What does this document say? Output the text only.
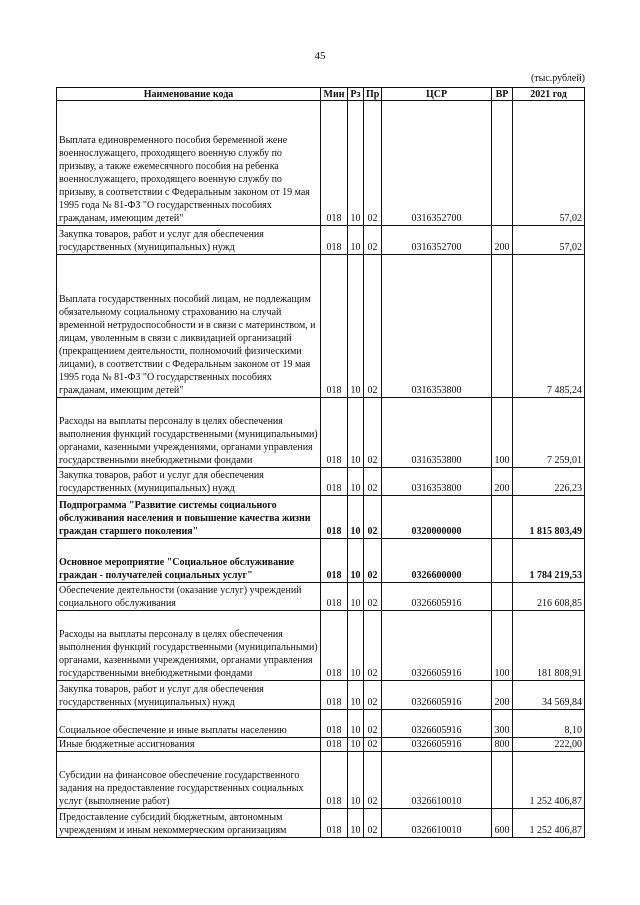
45
(тыс.рублей)
Наименование кода	Мин	Рз	Пр	ЦСР	ВР	2021 год
Выплата единовременного пособия беременной жене военнослужащего, проходящего военную службу по призыву, а также ежемесячного пособия на ребенка военнослужащего, проходящего военную службу по призыву, в соответствии с Федеральным законом от 19 мая 1995 года № 81-ФЗ "О государственных пособиях гражданам, имеющим детей"	018	10	02	0316352700		57,02
Закупка товаров, работ и услуг для обеспечения государственных (муниципальных) нужд	018	10	02	0316352700	200	57,02
Выплата государственных пособий лицам, не подлежащим обязательному социальному страхованию на случай временной нетрудоспособности и в связи с материнством, и лицам, уволенным в связи с ликвидацией организаций (прекращением деятельности, полномочий физическими лицами), в соответствии с Федеральным законом от 19 мая 1995 года № 81-ФЗ "О государственных пособиях гражданам, имеющим детей"	018	10	02	0316353800		7 485,24
Расходы на выплаты персоналу в целях обеспечения выполнения функций государственными (муниципальными) органами, казенными учреждениями, органами управления государственными внебюджетными фондами	018	10	02	0316353800	100	7 259,01
Закупка товаров, работ и услуг для обеспечения государственных (муниципальных) нужд	018	10	02	0316353800	200	226,23
Подпрограмма "Развитие системы социального обслуживания населения и повышение качества жизни граждан старшего поколения"	018	10	02	0320000000		1 815 803,49
Основное мероприятие "Социальное обслуживание граждан - получателей социальных услуг"	018	10	02	0326600000		1 784 219,53
Обеспечение деятельности (оказание услуг) учреждений социального обслуживания	018	10	02	0326605916		216 608,85
Расходы на выплаты персоналу в целях обеспечения выполнения функций государственными (муниципальными) органами, казенными учреждениями, органами управления государственными внебюджетными фондами	018	10	02	0326605916	100	181 808,91
Закупка товаров, работ и услуг для обеспечения государственных (муниципальных) нужд	018	10	02	0326605916	200	34 569,84
Социальное обеспечение и иные выплаты населению	018	10	02	0326605916	300	8,10
Иные бюджетные ассигнования	018	10	02	0326605916	800	222,00
Субсидии на финансовое обеспечение государственного задания на предоставление государственных социальных услуг (выполнение работ)	018	10	02	0326610010		1 252 406,87
Предоставление субсидий бюджетным, автономным учреждениям и иным некоммерческим организациям	018	10	02	0326610010	600	1 252 406,87
